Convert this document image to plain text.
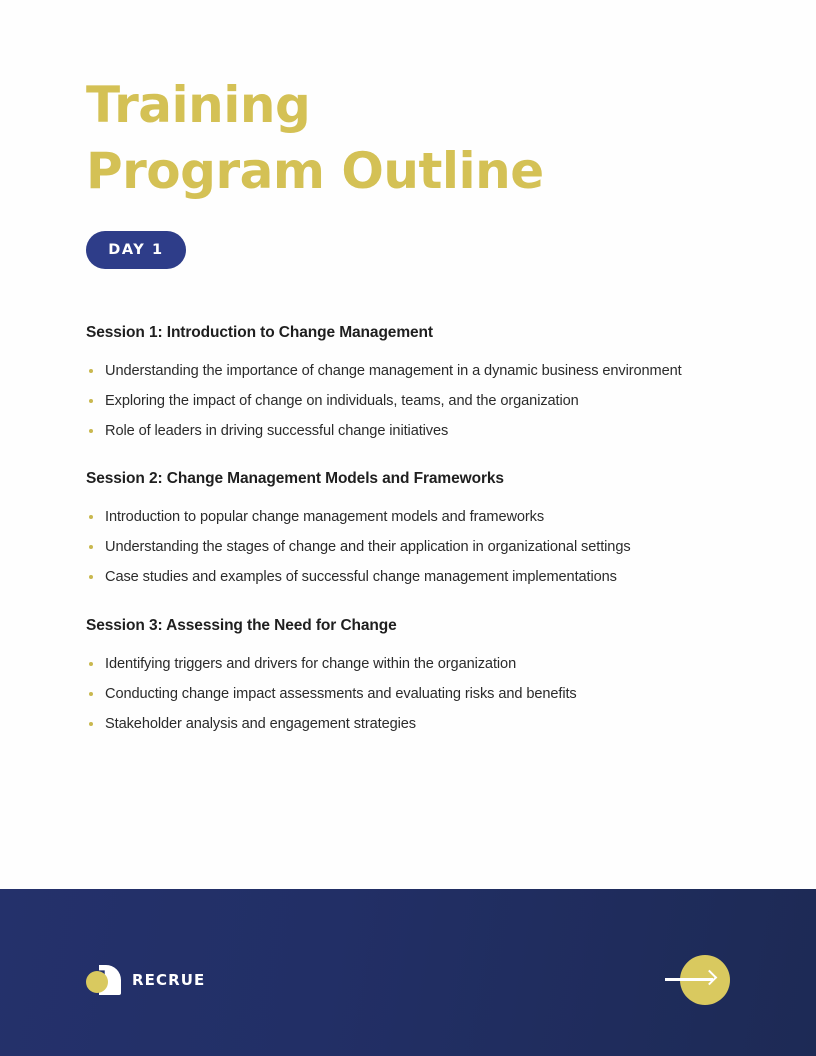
Training
Program Outline
DAY 1
Session 1: Introduction to Change Management
Understanding the importance of change management in a dynamic business environment
Exploring the impact of change on individuals, teams, and the organization
Role of leaders in driving successful change initiatives
Session 2: Change Management Models and Frameworks
Introduction to popular change management models and frameworks
Understanding the stages of change and their application in organizational settings
Case studies and examples of successful change management implementations
Session 3: Assessing the Need for Change
Identifying triggers and drivers for change within the organization
Conducting change impact assessments and evaluating risks and benefits
Stakeholder analysis and engagement strategies
RECRUE
